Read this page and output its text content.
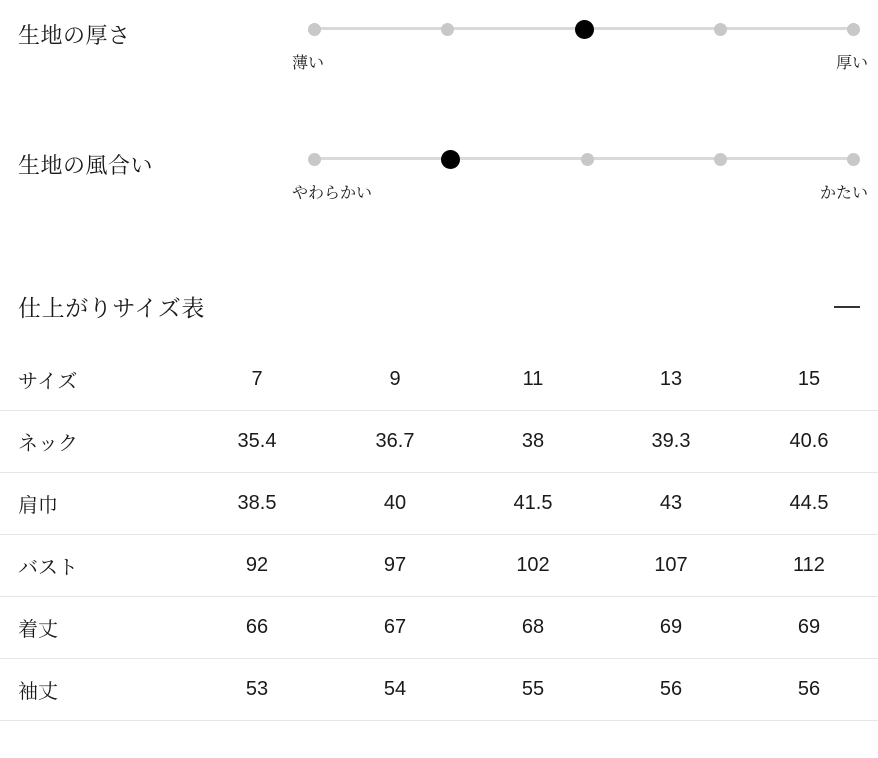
生地の厚さ
薄い	厚い
生地の風合い
やわらかい	かたい
仕上がりサイズ表
サイズ	7	9	11	13	15
ネック	35.4	36.7	38	39.3	40.6
肩巾	38.5	40	41.5	43	44.5
バスト	92	97	102	107	112
着丈	66	67	68	69	69
袖丈	53	54	55	56	56
